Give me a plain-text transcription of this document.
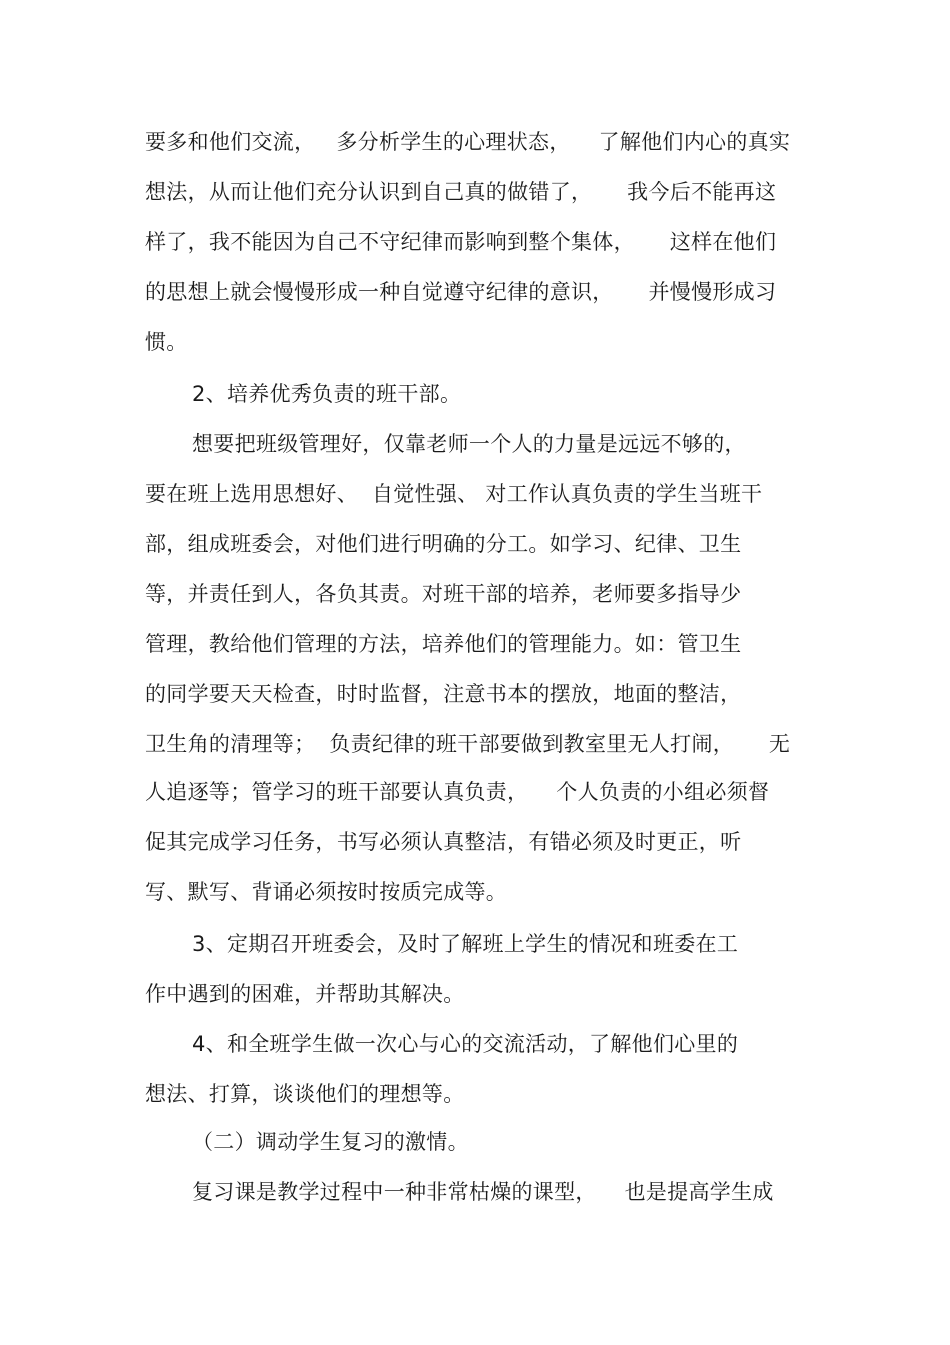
要多和他们交流，   多分析学生的心理状态，    了解他们内心的真实
想法，从而让他们充分认识到自己真的做错了，     我今后不能再这
样了，我不能因为自己不守纪律而影响到整个集体，     这样在他们
的思想上就会慢慢形成一种自觉遵守纪律的意识，     并慢慢形成习
惯。
2、培养优秀负责的班干部。
想要把班级管理好，仅靠老师一个人的力量是远远不够的，
要在班上选用思想好、  自觉性强、 对工作认真负责的学生当班干
部，组成班委会，对他们进行明确的分工。如学习、纪律、卫生
等，并责任到人，各负其责。对班干部的培养，老师要多指导少
管理，教给他们管理的方法，培养他们的管理能力。如：管卫生
的同学要天天检查，时时监督，注意书本的摆放，地面的整洁，
卫生角的清理等；  负责纪律的班干部要做到教室里无人打闹，     无
人追逐等；管学习的班干部要认真负责，    个人负责的小组必须督
促其完成学习任务，书写必须认真整洁，有错必须及时更正，听
写、默写、背诵必须按时按质完成等。
3、定期召开班委会，及时了解班上学生的情况和班委在工
作中遇到的困难，并帮助其解决。
4、和全班学生做一次心与心的交流活动，了解他们心里的
想法、打算，谈谈他们的理想等。
（二）调动学生复习的激情。
复习课是教学过程中一种非常枯燥的课型，    也是提高学生成
